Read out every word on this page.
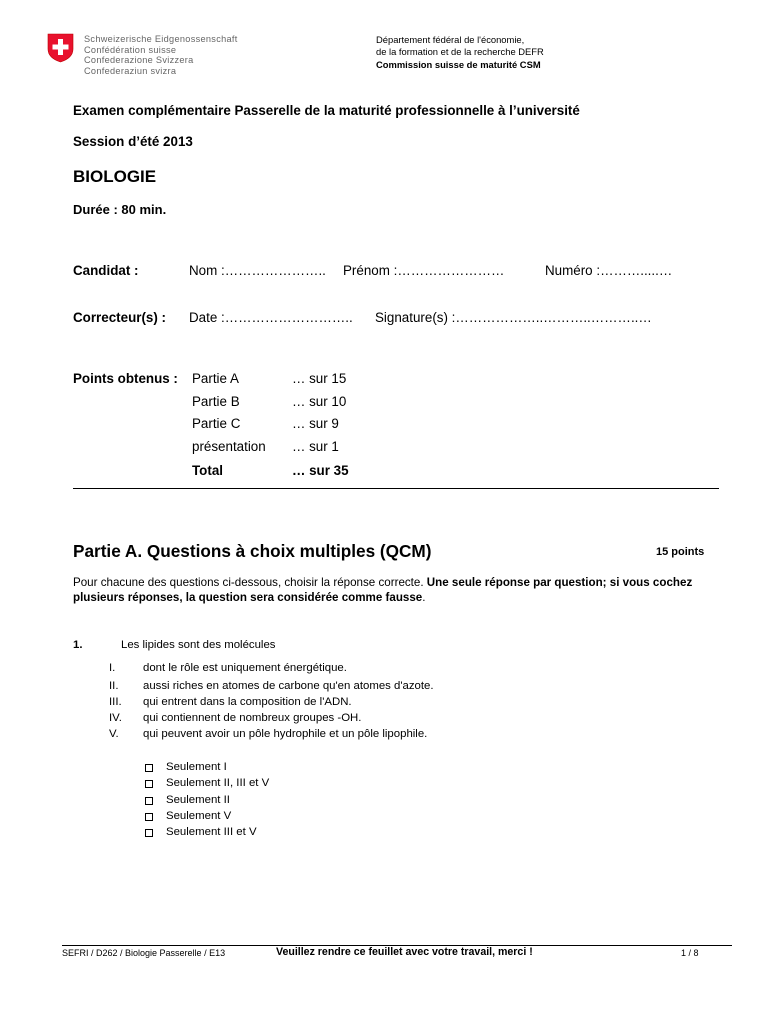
Schweizerische Eidgenossenschaft
Confédération suisse
Confederazione Svizzera
Confederaziun svizra
Département fédéral de l'économie,
de la formation et de la recherche DEFR
Commission suisse de maturité CSM
Examen complémentaire Passerelle de la maturité professionnelle à l’université
Session d’été 2013
BIOLOGIE
Durée : 80 min.
Candidat :	Nom :………………….. Prénom :……………………	Numéro :……….....…
Correcteur(s) : Date :……………………….. Signature(s) :………………..………..………..…
Points obtenus : Partie A	… sur 15
Partie B	… sur 10
Partie C	… sur 9
présentation … sur 1
Total	… sur 35
Partie A. Questions à choix multiples (QCM)	15 points
Pour chacune des questions ci-dessous, choisir la réponse correcte. Une seule réponse par question; si vous cochez plusieurs réponses, la question sera considérée comme fausse.
1.	Les lipides sont des molécules
I. dont le rôle est uniquement énergétique.
II. aussi riches en atomes de carbone qu'en atomes d'azote.
III. qui entrent dans la composition de l'ADN.
IV. qui contiennent de nombreux groupes -OH.
V. qui peuvent avoir un pôle hydrophile et un pôle lipophile.
Seulement I
Seulement II, III et V
Seulement II
Seulement V
Seulement III et V
SEFRI / D262 / Biologie Passerelle / E13	Veuillez rendre ce feuillet avec votre travail, merci !	1 / 8
